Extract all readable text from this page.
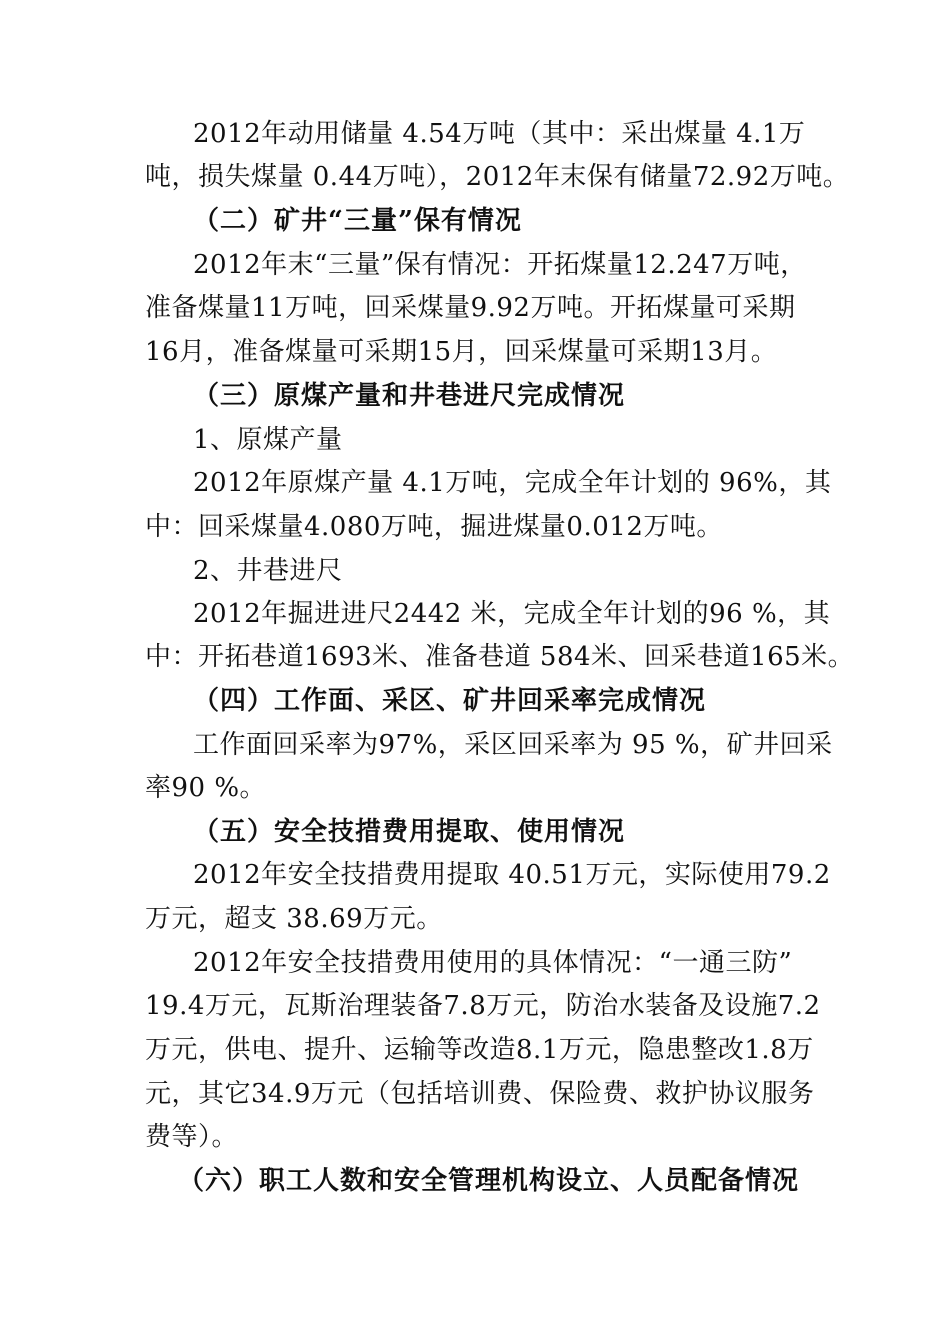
2012年动用储量 4.54万吨（其中：采出煤量 4.1万
吨，损失煤量 0.44万吨），2012年末保有储量72.92万吨。
（二）矿井“三量”保有情况
2012年末“三量”保有情况：开拓煤量12.247万吨，
准备煤量11万吨，回采煤量9.92万吨。开拓煤量可采期
16月，准备煤量可采期15月，回采煤量可采期13月。
（三）原煤产量和井巷进尺完成情况
1、原煤产量
2012年原煤产量 4.1万吨，完成全年计划的 96%，其
中：回采煤量4.080万吨，掘进煤量0.012万吨。
2、井巷进尺
2012年掘进进尺2442 米，完成全年计划的96 %，其
中：开拓巷道1693米、准备巷道 584米、回采巷道165米。
（四）工作面、采区、矿井回采率完成情况
工作面回采率为97%，采区回采率为 95 %，矿井回采
率90 %。
（五）安全技措费用提取、使用情况
2012年安全技措费用提取 40.51万元，实际使用79.2
万元，超支 38.69万元。
2012年安全技措费用使用的具体情况：“一通三防”
19.4万元，瓦斯治理装备7.8万元，防治水装备及设施7.2
万元，供电、提升、运输等改造8.1万元，隐患整改1.8万
元，其它34.9万元（包括培训费、保险费、救护协议服务
费等）。
（六）职工人数和安全管理机构设立、人员配备情况
